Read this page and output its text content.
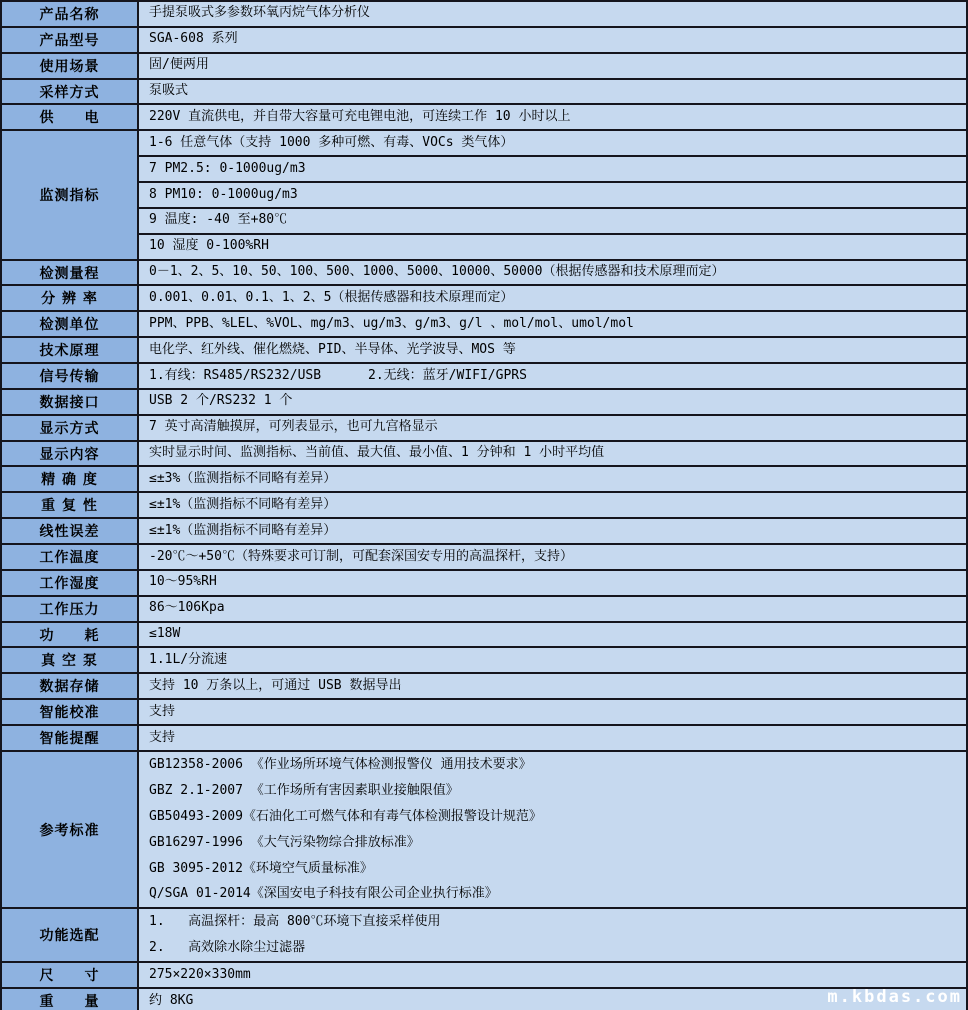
产品名称	手提泵吸式多参数环氧丙烷气体分析仪
产品型号	SGA-608 系列
使用场景	固/便两用
采样方式	泵吸式
供　　电	220V 直流供电，并自带大容量可充电锂电池，可连续工作 10 小时以上
监测指标	1-6 任意气体（支持 1000 多种可燃、有毒、VOCs 类气体）
	7 PM2.5: 0-1000ug/m3
	8 PM10: 0-1000ug/m3
	9 温度: -40 至+80℃
	10 湿度 0-100%RH
检测量程	0－1、2、5、10、50、100、500、1000、5000、10000、50000（根据传感器和技术原理而定）
分 辨 率	0.001、0.01、0.1、1、2、5（根据传感器和技术原理而定）
检测单位	PPM、PPB、%LEL、%VOL、mg/m3、ug/m3、g/m3、g/l 、mol/mol、umol/mol
技术原理	电化学、红外线、催化燃烧、PID、半导体、光学波导、MOS 等
信号传输	1.有线：RS485/RS232/USB      2.无线：蓝牙/WIFI/GPRS
数据接口	USB 2 个/RS232 1 个
显示方式	7 英寸高清触摸屏，可列表显示，也可九宫格显示
显示内容	实时显示时间、监测指标、当前值、最大值、最小值、1 分钟和 1 小时平均值
精 确 度	≤±3%（监测指标不同略有差异）
重 复 性	≤±1%（监测指标不同略有差异）
线性误差	≤±1%（监测指标不同略有差异）
工作温度	-20℃～+50℃（特殊要求可订制，可配套深国安专用的高温探杆，支持）
工作湿度	10～95%RH
工作压力	86～106Kpa
功　　耗	≤18W
真 空 泵	1.1L/分流速
数据存储	支持 10 万条以上，可通过 USB 数据导出
智能校准	支持
智能提醒	支持
参考标准	
GB12358-2006 《作业场所环境气体检测报警仪 通用技术要求》
GBZ 2.1-2007 《工作场所有害因素职业接触限值》
GB50493-2009《石油化工可燃气体和有毒气体检测报警设计规范》
GB16297-1996 《大气污染物综合排放标准》
GB 3095-2012《环境空气质量标准》
Q/SGA 01-2014《深国安电子科技有限公司企业执行标准》

功能选配	1.   高温探杆：最高 800℃环境下直接采样使用
2.   高效除水除尘过滤器

尺　　寸	275×220×330mm
重　　量	约 8KG	m.kbdas.com
